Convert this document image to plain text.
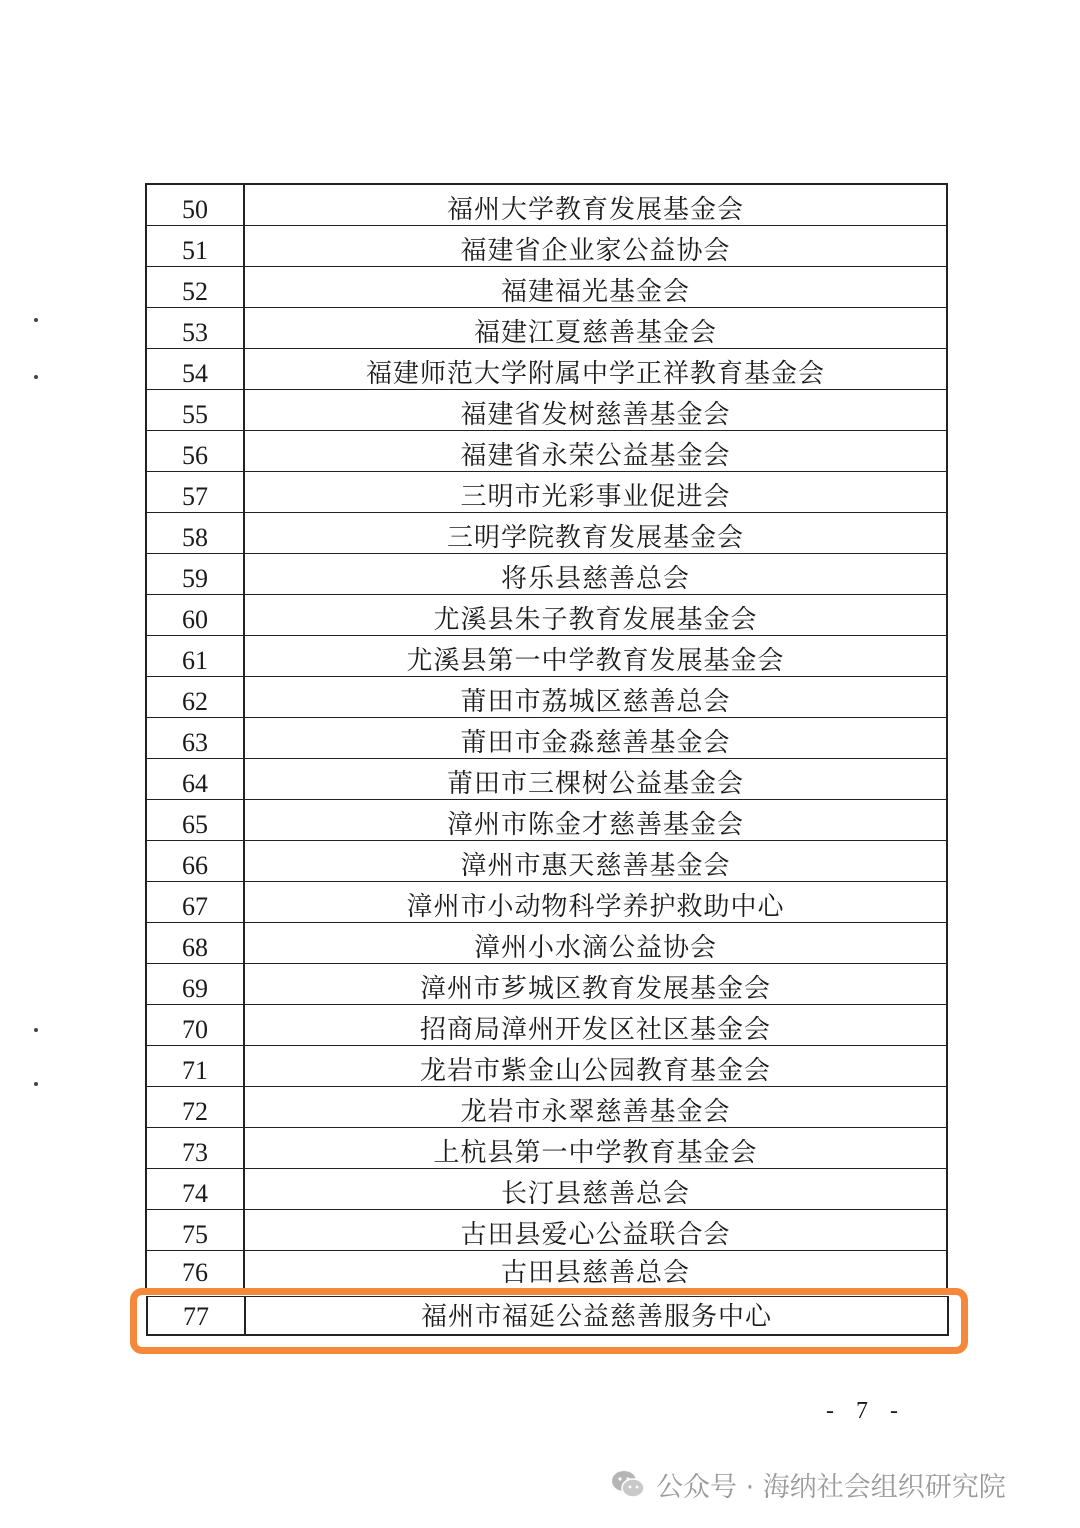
50	福州大学教育发展基金会
51	福建省企业家公益协会
52	福建福光基金会
53	福建江夏慈善基金会
54	福建师范大学附属中学正祥教育基金会
55	福建省发树慈善基金会
56	福建省永荣公益基金会
57	三明市光彩事业促进会
58	三明学院教育发展基金会
59	将乐县慈善总会
60	尤溪县朱子教育发展基金会
61	尤溪县第一中学教育发展基金会
62	莆田市荔城区慈善总会
63	莆田市金淼慈善基金会
64	莆田市三棵树公益基金会
65	漳州市陈金才慈善基金会
66	漳州市惠天慈善基金会
67	漳州市小动物科学养护救助中心
68	漳州小水滴公益协会
69	漳州市芗城区教育发展基金会
70	招商局漳州开发区社区基金会
71	龙岩市紫金山公园教育基金会
72	龙岩市永翠慈善基金会
73	上杭县第一中学教育基金会
74	长汀县慈善总会
75	古田县爱心公益联合会
76	古田县慈善总会
77	福州市福延公益慈善服务中心
- 7 -
公众号 · 海纳社会组织研究院
